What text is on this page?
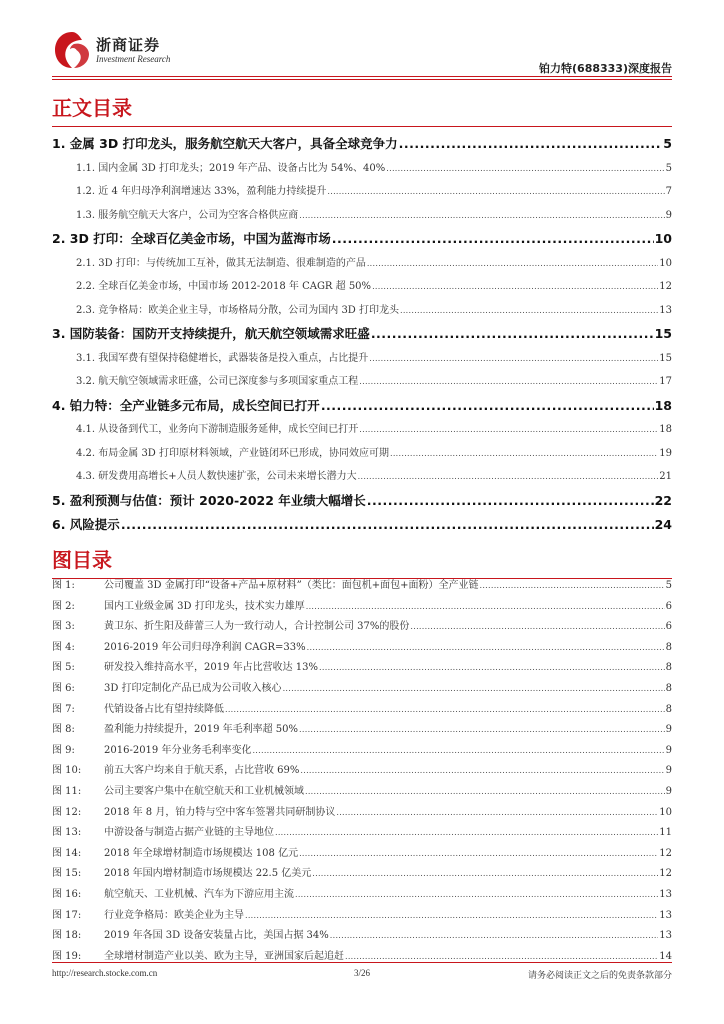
浙商证券
Investment Research
铂力特(688333)深度报告
正文目录
1. 金属 3D 打印龙头，服务航空航天大客户，具备全球竞争力 .....	5
1.1. 国内金属 3D 打印龙头；2019 年产品、设备占比为 54%、40% .....	5
1.2. 近 4 年归母净利润增速达 33%，盈利能力持续提升 .....	7
1.3. 服务航空航天大客户，公司为空客合格供应商 .....	9
2. 3D 打印：全球百亿美金市场，中国为蓝海市场 .....	10
2.1. 3D 打印：与传统加工互补，做其无法制造、很难制造的产品 .....	10
2.2. 全球百亿美金市场，中国市场 2012-2018 年 CAGR 超 50% .....	12
2.3. 竞争格局：欧美企业主导，市场格局分散，公司为国内 3D 打印龙头 .....	13
3. 国防装备：国防开支持续提升，航天航空领域需求旺盛 .....	15
3.1. 我国军费有望保持稳健增长，武器装备是投入重点，占比提升 .....	15
3.2. 航天航空领域需求旺盛，公司已深度参与多项国家重点工程 .....	17
4. 铂力特：全产业链多元布局，成长空间已打开 .....	18
4.1. 从设备到代工，业务向下游制造服务延伸，成长空间已打开 .....	18
4.2. 布局金属 3D 打印原材料领域，产业链闭环已形成，协同效应可期 .....	19
4.3. 研发费用高增长+人员人数快速扩张，公司未来增长潜力大 .....	21
5. 盈利预测与估值：预计 2020-2022 年业绩大幅增长 .....	22
6. 风险提示 .....	24
图目录
图 1:	公司覆盖 3D 金属打印“设备+产品+原材料”（类比：面包机+面包+面粉）全产业链 .....	5
图 2:	国内工业级金属 3D 打印龙头，技术实力雄厚 .....	6
图 3:	黄卫东、折生阳及薛蕾三人为一致行动人，合计控制公司 37%的股份 .....	6
图 4:	2016-2019 年公司归母净利润 CAGR=33% .....	8
图 5:	研发投入维持高水平，2019 年占比营收达 13% .....	8
图 6:	3D 打印定制化产品已成为公司收入核心 .....	8
图 7:	代销设备占比有望持续降低 .....	8
图 8:	盈利能力持续提升，2019 年毛利率超 50% .....	9
图 9:	2016-2019 年分业务毛利率变化 .....	9
图 10: 前五大客户均来自于航天系，占比营收 69% .....	9
图 11: 公司主要客户集中在航空航天和工业机械领域 .....	9
图 12: 2018 年 8 月，铂力特与空中客车签署共同研制协议 .....	10
图 13: 中游设备与制造占据产业链的主导地位 .....	11
图 14: 2018 年全球增材制造市场规模达 108 亿元 .....	12
图 15: 2018 年国内增材制造市场规模达 22.5 亿美元 .....	12
图 16: 航空航天、工业机械、汽车为下游应用主流 .....	13
图 17: 行业竞争格局：欧美企业为主导 .....	13
图 18: 2019 年各国 3D 设备安装量占比，美国占据 34% .....	13
图 19: 全球增材制造产业以美、欧为主导，亚洲国家后起追赶 .....	14
http://research.stocke.com.cn	3/26	请务必阅读正文之后的免责条款部分
